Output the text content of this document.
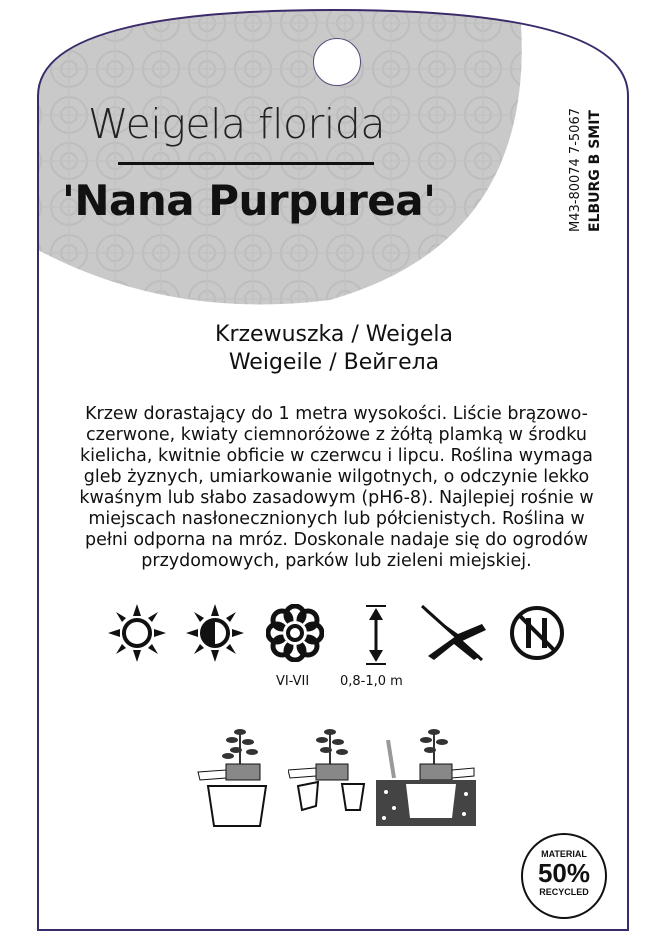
Weigela florida
'Nana Purpurea'	ELBURG B SMIT
M43-80074 7-5067
Krzewuszka / Weigela
Weigeile / Вейгела
Krzew dorastający do 1 metra wysokości. Liście brązowo-czerwone, kwiaty ciemnoróżowe z żółtą plamką w środku kielicha, kwitnie obficie w czerwcu i lipcu. Roślina wymaga gleb żyznych, umiarkowanie wilgotnych, o odczynie lekko kwaśnym lub słabo zasadowym (pH6-8). Najlepiej rośnie w miejscach nasłonecznionych lub półcienistych. Roślina w pełni odporna na mróz. Doskonale nadaje się do ogrodów przydomowych, parków lub zieleni miejskiej.
VI-VII 0,8-1,0 m
MATERIAL
50%
RECYCLED
